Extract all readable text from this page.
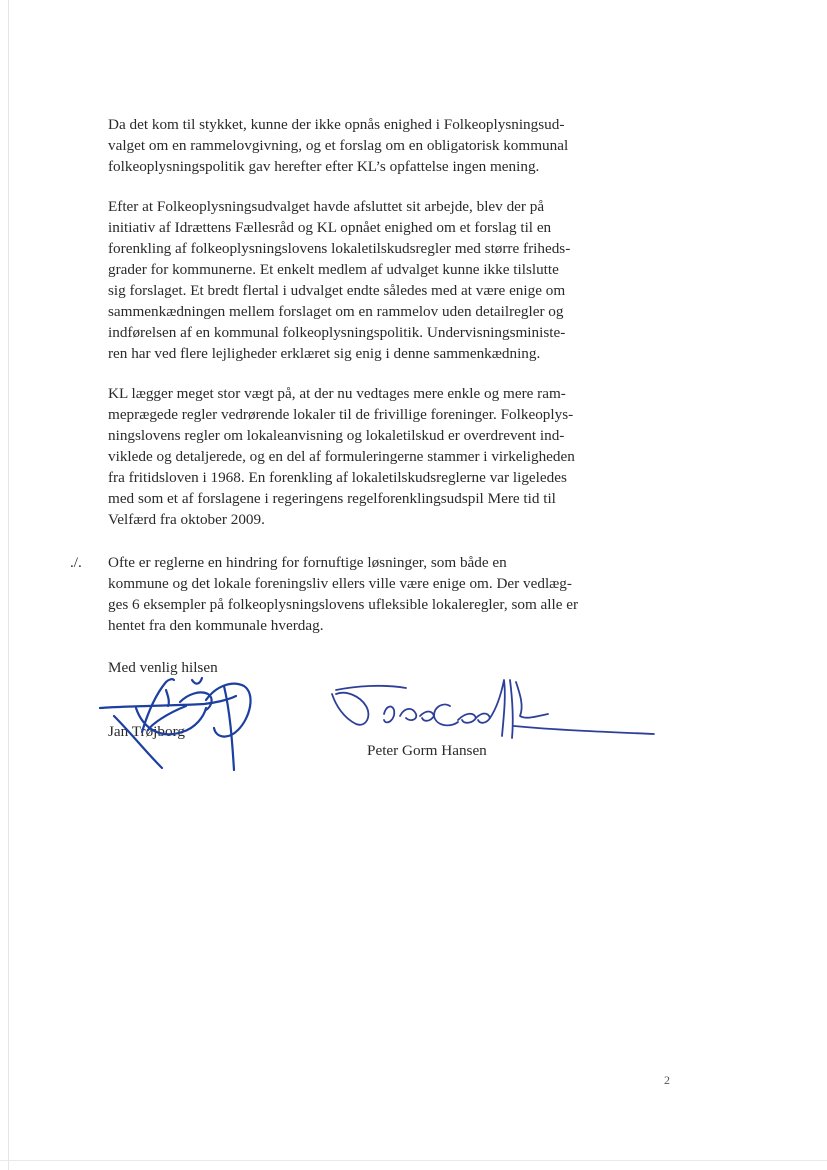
Da det kom til stykket, kunne der ikke opnås enighed i Folkeoplysningsud-
valget om en rammelovgivning, og et forslag om en obligatorisk kommunal
folkeoplysningspolitik gav herefter efter KL’s opfattelse ingen mening.

Efter at Folkeoplysningsudvalget havde afsluttet sit arbejde, blev der på
initiativ af Idrættens Fællesråd og KL opnået enighed om et forslag til en
forenkling af folkeoplysningslovens lokaletilskudsregler med større friheds-
grader for kommunerne. Et enkelt medlem af udvalget kunne ikke tilslutte
sig forslaget. Et bredt flertal i udvalget endte således med at være enige om
sammenkædningen mellem forslaget om en rammelov uden detailregler og
indførelsen af en kommunal folkeoplysningspolitik. Undervisningsministe-
ren har ved flere lejligheder erklæret sig enig i denne sammenkædning.

KL lægger meget stor vægt på, at der nu vedtages mere enkle og mere ram-
meprægede regler vedrørende lokaler til de frivillige foreninger. Folkeoplys-
ningslovens regler om lokaleanvisning og lokaletilskud er overdrevent ind-
viklede og detaljerede, og en del af formuleringerne stammer i virkeligheden
fra fritidsloven i 1968. En forenkling af lokaletilskudsreglerne var ligeledes
med som et af forslagene i regeringens regelforenklingsudspil Mere tid til
Velfærd fra oktober 2009.

./. Ofte er reglerne en hindring for fornuftige løsninger, som både en
kommune og det lokale foreningsliv ellers ville være enige om. Der vedlæg-
ges 6 eksempler på folkeoplysningslovens ufleksible lokaleregler, som alle er
hentet fra den kommunale hverdag.

Med venlig hilsen
Jan Trøjborg
Peter Gorm Hansen
2
